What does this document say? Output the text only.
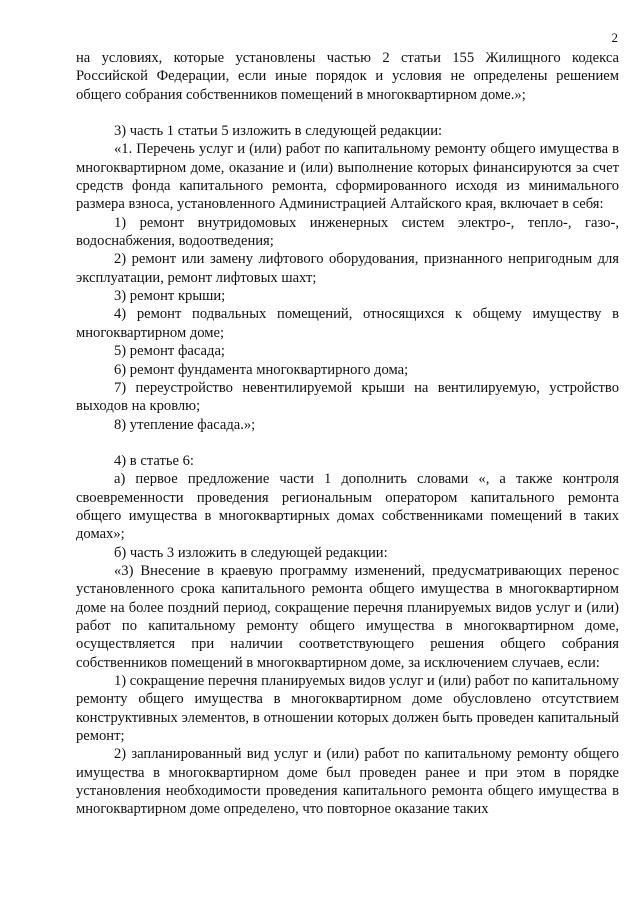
2

на условиях, которые установлены частью 2 статьи 155 Жилищного кодекса Российской Федерации, если иные порядок и условия не определены решением общего собрания собственников помещений в многоквартирном доме.»;

3) часть 1 статьи 5 изложить в следующей редакции:

«1. Перечень услуг и (или) работ по капитальному ремонту общего имущества в многоквартирном доме, оказание и (или) выполнение которых финансируются за счет средств фонда капитального ремонта, сформированного исходя из минимального размера взноса, установленного Администрацией Алтайского края, включает в себя:

1) ремонт внутридомовых инженерных систем электро-, тепло-, газо-, водоснабжения, водоотведения;

2) ремонт или замену лифтового оборудования, признанного непригодным для эксплуатации, ремонт лифтовых шахт;

3) ремонт крыши;

4) ремонт подвальных помещений, относящихся к общему имуществу в многоквартирном доме;

5) ремонт фасада;

6) ремонт фундамента многоквартирного дома;

7) переустройство невентилируемой крыши на вентилируемую, устройство выходов на кровлю;

8) утепление фасада.»;

4) в статье 6:

а) первое предложение части 1 дополнить словами «, а также контроля своевременности проведения региональным оператором капитального ремонта общего имущества в многоквартирных домах собственниками помещений в таких домах»;

б) часть 3 изложить в следующей редакции:

«3) Внесение в краевую программу изменений, предусматривающих перенос установленного срока капитального ремонта общего имущества в многоквартирном доме на более поздний период, сокращение перечня планируемых видов услуг и (или) работ по капитальному ремонту общего имущества в многоквартирном доме, осуществляется при наличии соответствующего решения общего собрания собственников помещений в многоквартирном доме, за исключением случаев, если:

1) сокращение перечня планируемых видов услуг и (или) работ по капитальному ремонту общего имущества в многоквартирном доме обусловлено отсутствием конструктивных элементов, в отношении которых должен быть проведен капитальный ремонт;

2) запланированный вид услуг и (или) работ по капитальному ремонту общего имущества в многоквартирном доме был проведен ранее и при этом в порядке установления необходимости проведения капитального ремонта общего имущества в многоквартирном доме определено, что повторное оказание таких
